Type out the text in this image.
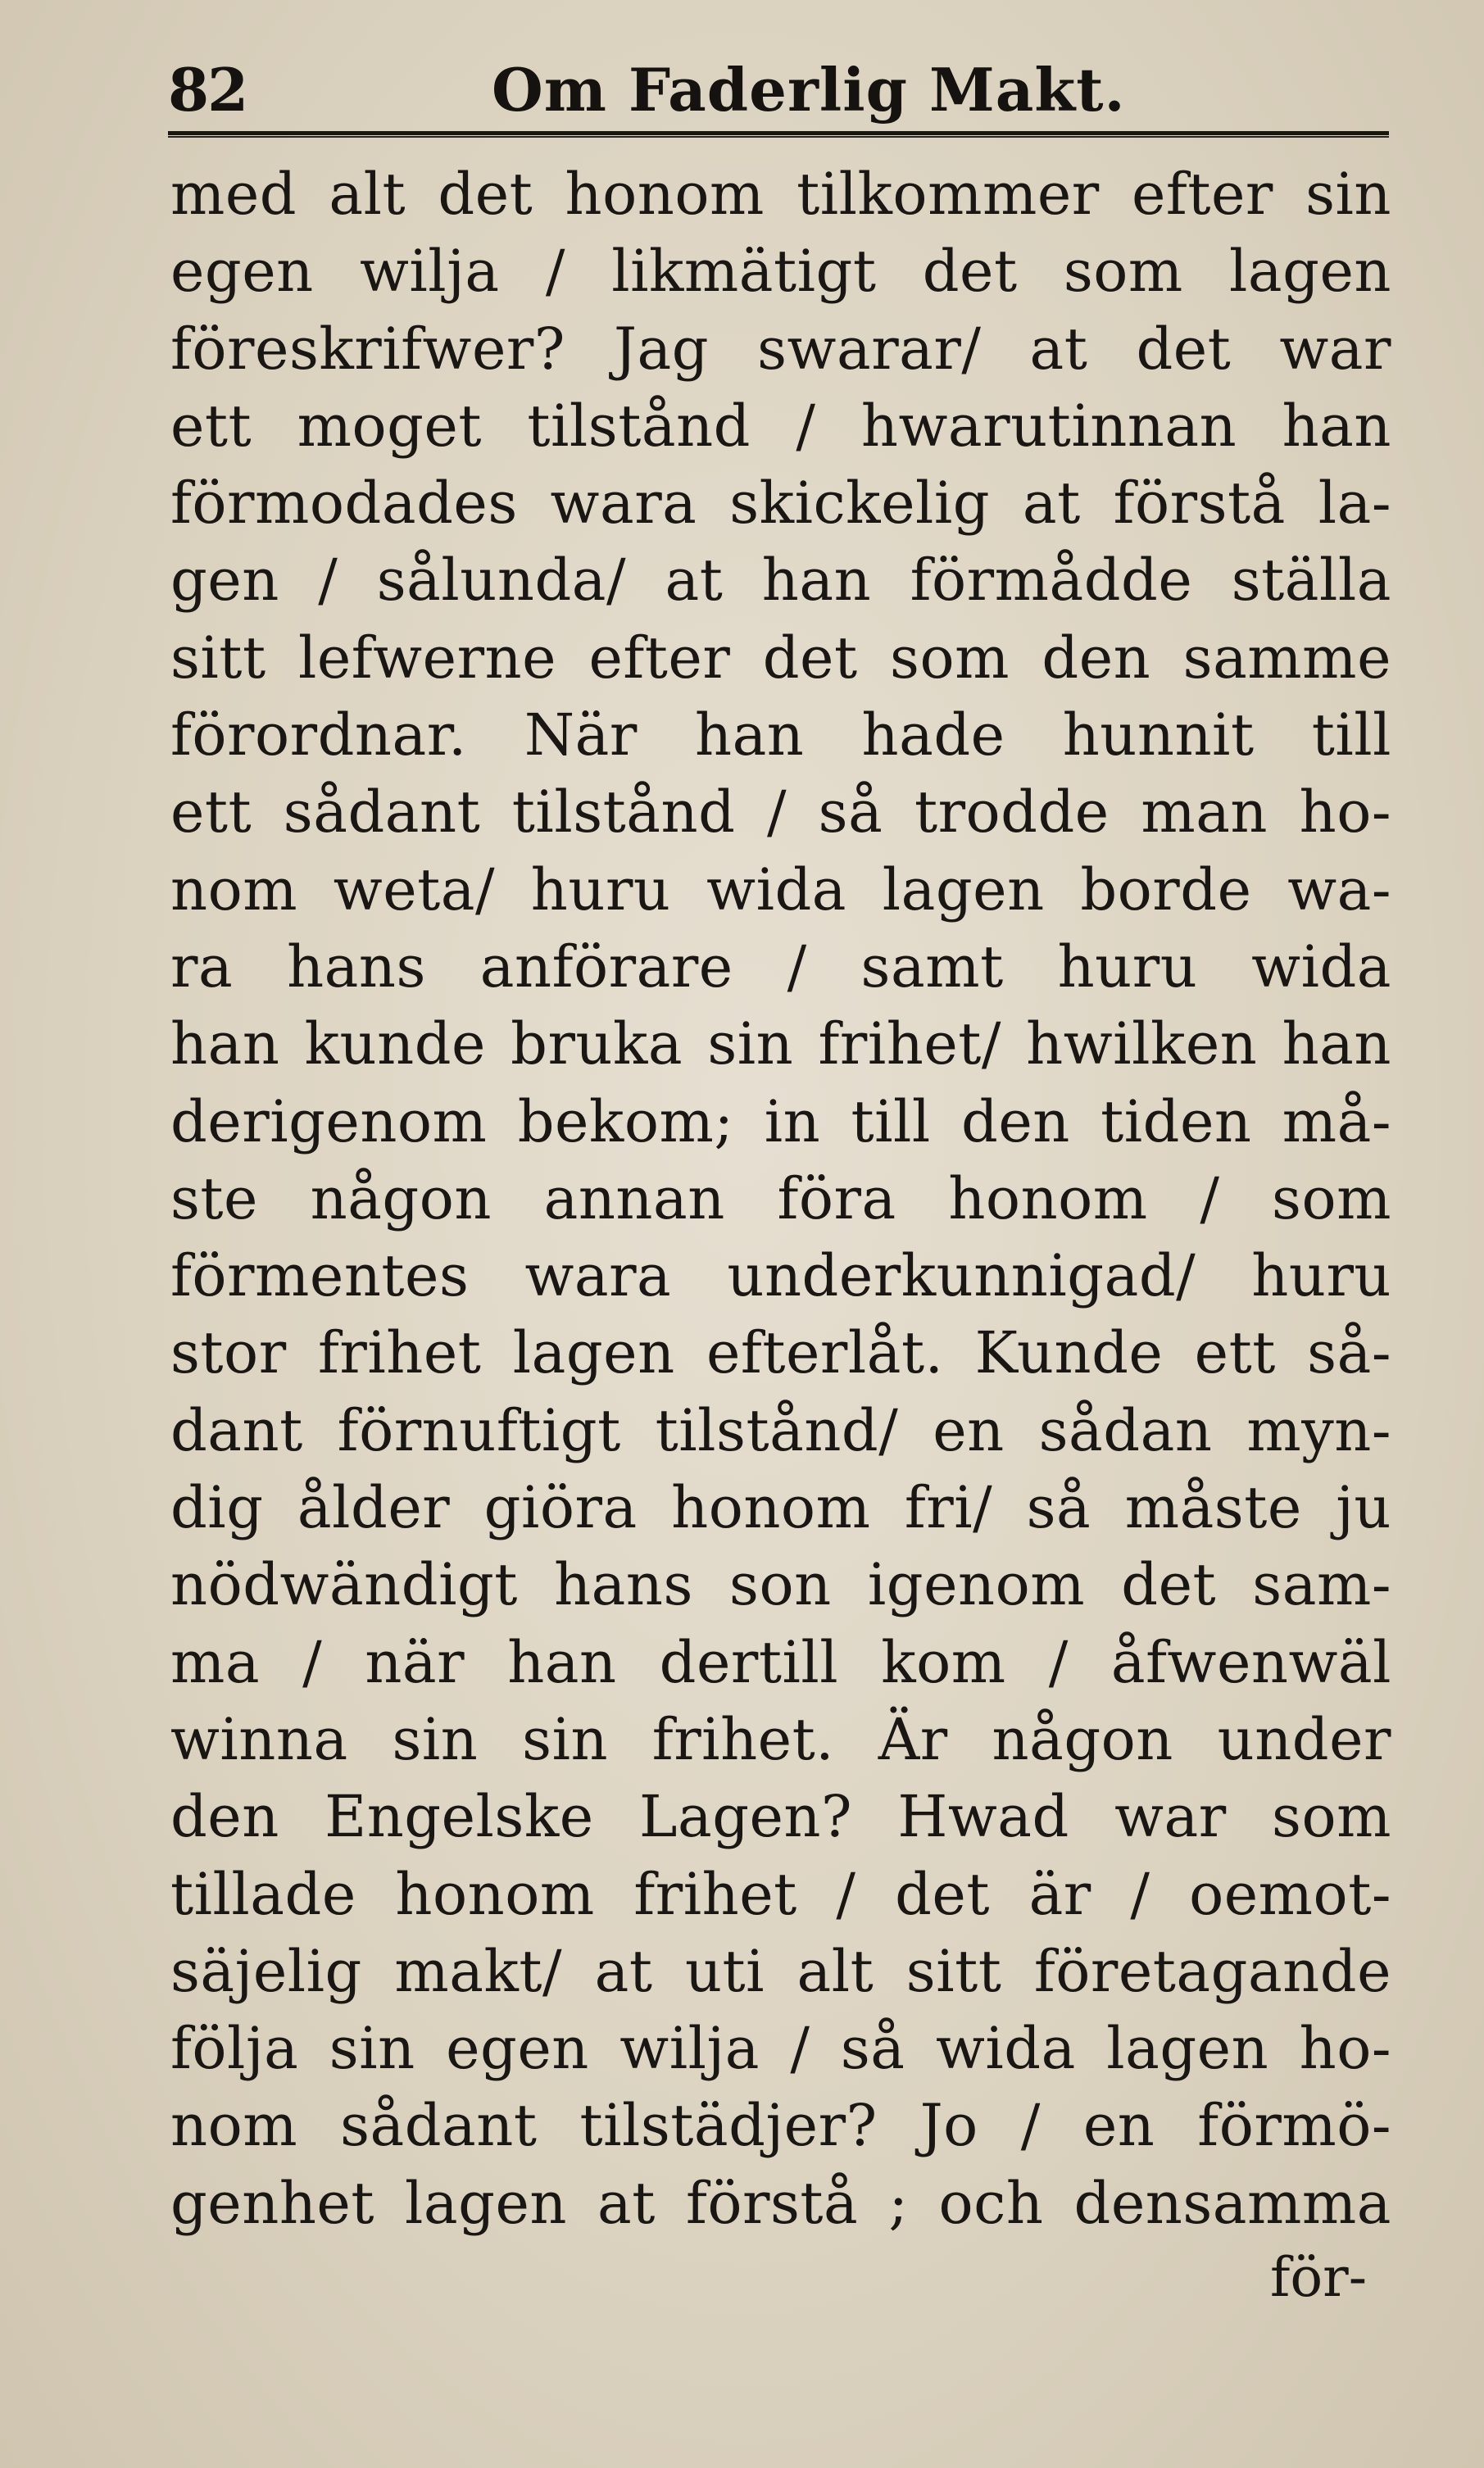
82	Om Faderlig Makt.
med alt det honom tilkommer efter sin
egen wilja / likmätigt det som lagen
föreskrifwer? Jag swarar/ at det war
ett moget tilstånd / hwarutinnan han
förmodades wara skickelig at förstå la-
gen / sålunda/ at han förmådde ställa
sitt lefwerne efter det som den samme
förordnar. När han hade hunnit till
ett sådant tilstånd / så trodde man ho-
nom weta/ huru wida lagen borde wa-
ra hans anförare / samt huru wida
han kunde bruka sin frihet/ hwilken han
derigenom bekom; in till den tiden må-
ste någon annan föra honom / som
förmentes wara underkunnigad/ huru
stor frihet lagen efterlåt. Kunde ett så-
dant förnuftigt tilstånd/ en sådan myn-
dig ålder giöra honom fri/ så måste ju
nödwändigt hans son igenom det sam-
ma / när han dertill kom / åfwenwäl
winna sin sin frihet. Är någon under
den Engelske Lagen? Hwad war som
tillade honom frihet / det är / oemot-
säjelig makt/ at uti alt sitt företagande
följa sin egen wilja / så wida lagen ho-
nom sådant tilstädjer? Jo / en förmö-
genhet lagen at förstå ; och densamma
för-
